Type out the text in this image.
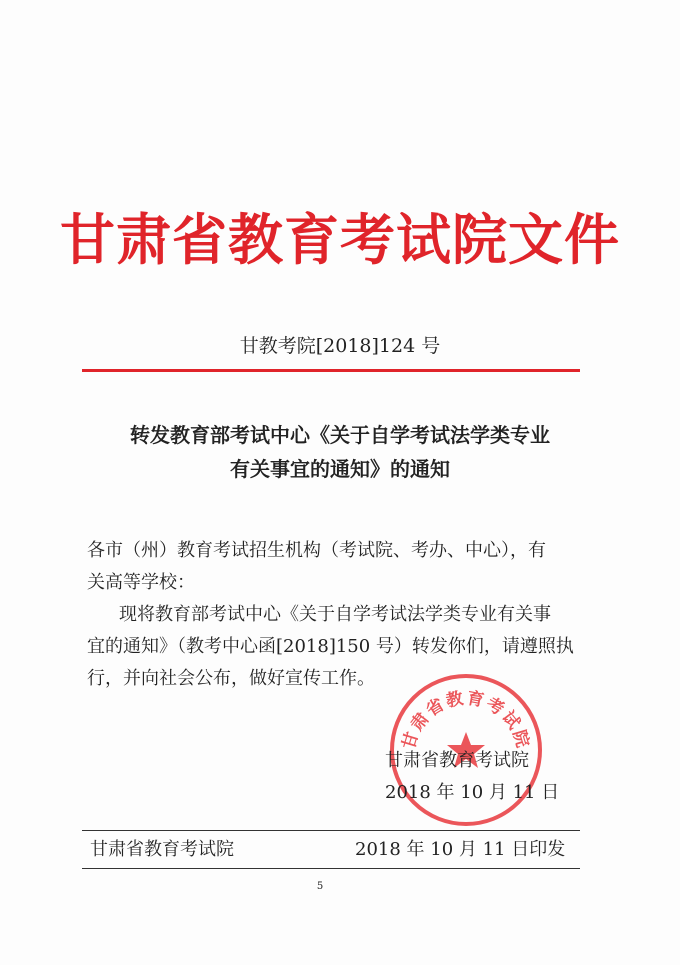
甘肃省教育考试院文件
甘教考院[2018]124 号
转发教育部考试中心《关于自学考试法学类专业
有关事宜的通知》的通知
各市（州）教育考试招生机构（考试院、考办、中心），有
关高等学校：
现将教育部考试中心《关于自学考试法学类专业有关事
宜的通知》（教考中心函[2018]150 号）转发你们，请遵照执
行，并向社会公布，做好宣传工作。
甘肃省教育考试院
甘肃省教育考试院
2018 年 10 月 11 日
甘肃省教育考试院	2018 年 10 月 11 日印发
5
